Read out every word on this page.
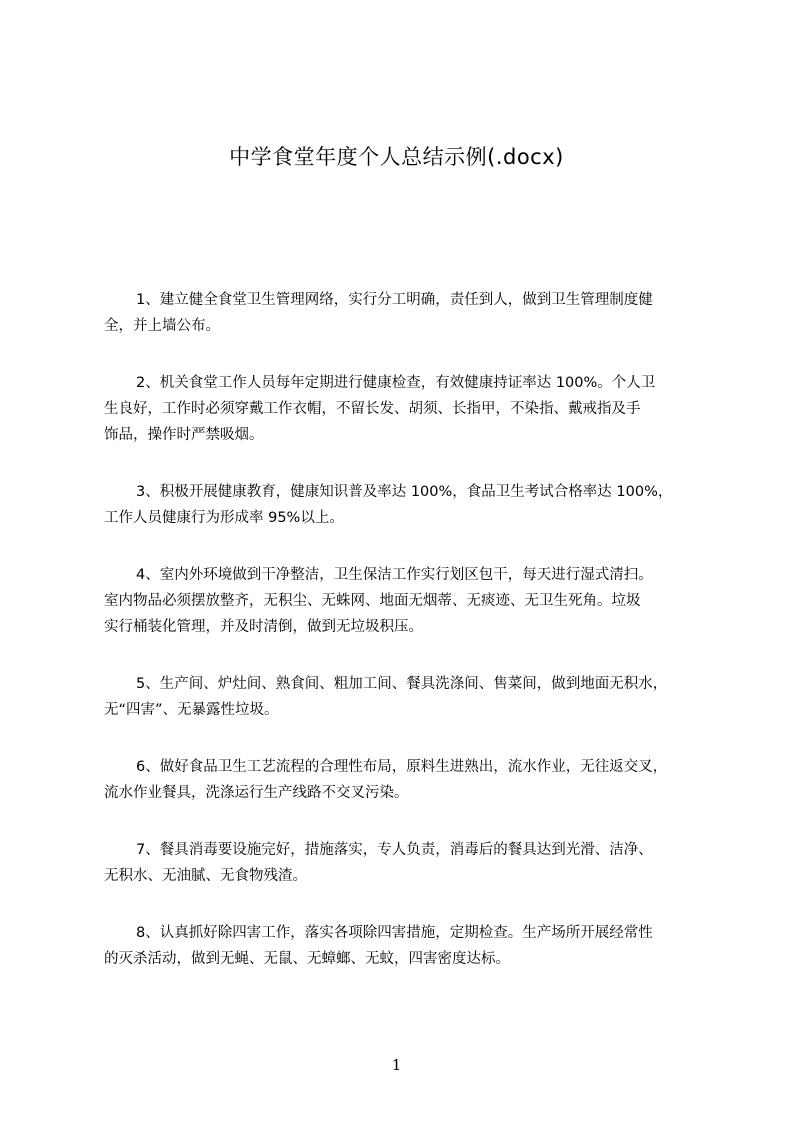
中学食堂年度个人总结示例(.docx)
1、建立健全食堂卫生管理网络，实行分工明确，责任到人，做到卫生管理制度健
全，并上墙公布。
2、机关食堂工作人员每年定期进行健康检查，有效健康持证率达 100%。个人卫
生良好，工作时必须穿戴工作衣帽，不留长发、胡须、长指甲，不染指、戴戒指及手
饰品，操作时严禁吸烟。
3、积极开展健康教育，健康知识普及率达 100%，食品卫生考试合格率达 100%，
工作人员健康行为形成率 95%以上。
4、室内外环境做到干净整洁，卫生保洁工作实行划区包干，每天进行湿式清扫。
室内物品必须摆放整齐，无积尘、无蛛网、地面无烟蒂、无痰迹、无卫生死角。垃圾
实行桶装化管理，并及时清倒，做到无垃圾积压。
5、生产间、炉灶间、熟食间、粗加工间、餐具洗涤间、售菜间，做到地面无积水，
无“四害”、无暴露性垃圾。
6、做好食品卫生工艺流程的合理性布局，原料生进熟出，流水作业，无往返交叉，
流水作业餐具，洗涤运行生产线路不交叉污染。
7、餐具消毒要设施完好，措施落实，专人负责，消毒后的餐具达到光滑、洁净、
无积水、无油腻、无食物残渣。
8、认真抓好除四害工作，落实各项除四害措施，定期检查。生产场所开展经常性
的灭杀活动，做到无蝇、无鼠、无蟑螂、无蚊，四害密度达标。
1
